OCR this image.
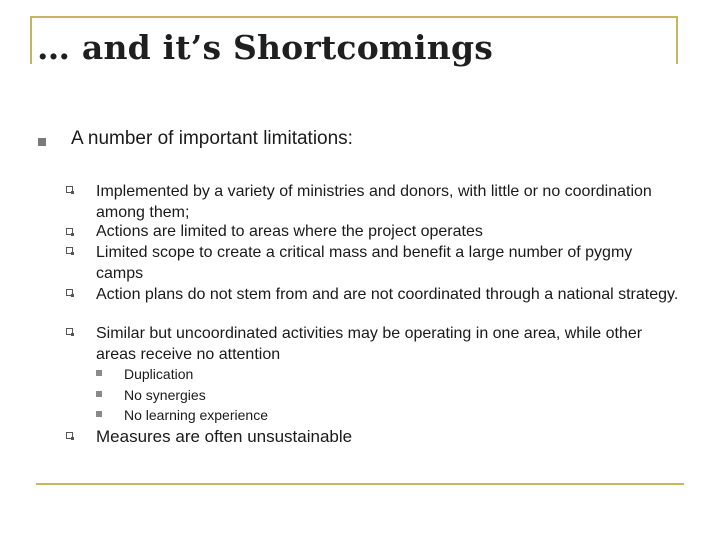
… and it’s Shortcomings
A number of important limitations:
Implemented by a variety of ministries and donors, with little or no coordination among them;
Actions are limited to areas where the project operates
Limited scope to create a critical mass and benefit a large number of pygmy camps
Action plans do not stem from and are not coordinated through a national strategy.
Similar but uncoordinated activities may be operating in one area, while other areas receive no attention
Duplication
No synergies
No learning experience
Measures are often unsustainable
